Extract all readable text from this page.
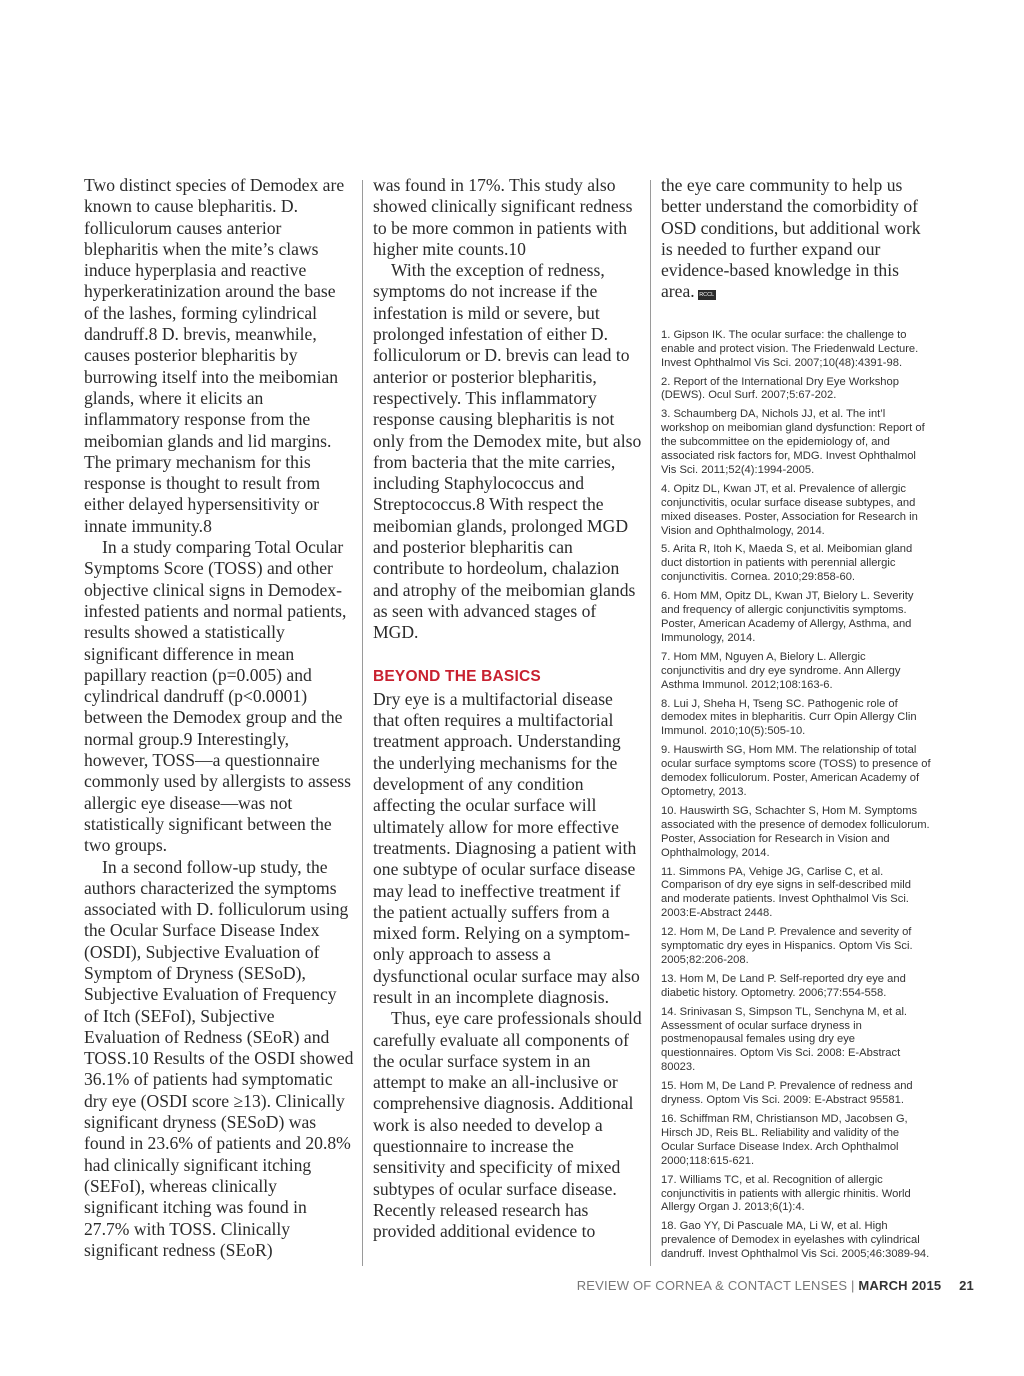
Two distinct species of Demodex are known to cause blepharitis. D. folliculorum causes anterior blepharitis when the mite’s claws induce hyperplasia and reactive hyperkeratinization around the base of the lashes, forming cylindrical dandruff.8 D. brevis, meanwhile, causes posterior blepharitis by burrowing itself into the meibomian glands, where it elicits an inflammatory response from the meibomian glands and lid margins. The primary mechanism for this response is thought to result from either delayed hypersensitivity or innate immunity.8

In a study comparing Total Ocular Symptoms Score (TOSS) and other objective clinical signs in Demodex-infested patients and normal patients, results showed a statistically significant difference in mean papillary reaction (p=0.005) and cylindrical dandruff (p<0.0001) between the Demodex group and the normal group.9 Interestingly, however, TOSS—a questionnaire commonly used by allergists to assess allergic eye disease—was not statistically significant between the two groups.

In a second follow-up study, the authors characterized the symptoms associated with D. folliculorum using the Ocular Surface Disease Index (OSDI), Subjective Evaluation of Symptom of Dryness (SESoD), Subjective Evaluation of Frequency of Itch (SEFoI), Subjective Evaluation of Redness (SEoR) and TOSS.10 Results of the OSDI showed 36.1% of patients had symptomatic dry eye (OSDI score ≥13). Clinically significant dryness (SESoD) was found in 23.6% of patients and 20.8% had clinically significant itching (SEFoI), whereas clinically significant itching was found in 27.7% with TOSS. Clinically significant redness (SEoR)

was found in 17%. This study also showed clinically significant redness to be more common in patients with higher mite counts.10

With the exception of redness, symptoms do not increase if the infestation is mild or severe, but prolonged infestation of either D. folliculorum or D. brevis can lead to anterior or posterior blepharitis, respectively. This inflammatory response causing blepharitis is not only from the Demodex mite, but also from bacteria that the mite carries, including Staphylococcus and Streptococcus.8 With respect the meibomian glands, prolonged MGD and posterior blepharitis can contribute to hordeolum, chalazion and atrophy of the meibomian glands as seen with advanced stages of MGD.

BEYOND THE BASICS

Dry eye is a multifactorial disease that often requires a multifactorial treatment approach. Understanding the underlying mechanisms for the development of any condition affecting the ocular surface will ultimately allow for more effective treatments. Diagnosing a patient with one subtype of ocular surface disease may lead to ineffective treatment if the patient actually suffers from a mixed form. Relying on a symptom-only approach to assess a dysfunctional ocular surface may also result in an incomplete diagnosis.

Thus, eye care professionals should carefully evaluate all components of the ocular surface system in an attempt to make an all-inclusive or comprehensive diagnosis. Additional work is also needed to develop a questionnaire to increase the sensitivity and specificity of mixed subtypes of ocular surface disease. Recently released research has provided additional evidence to

the eye care community to help us better understand the comorbidity of OSD conditions, but additional work is needed to further expand our evidence-based knowledge in this area. RCCL

1. Gipson IK. The ocular surface: the challenge to enable and protect vision. The Friedenwald Lecture. Invest Ophthalmol Vis Sci. 2007;10(48):4391-98.
2. Report of the International Dry Eye Workshop (DEWS). Ocul Surf. 2007;5:67-202.
3. Schaumberg DA, Nichols JJ, et al. The int’l workshop on meibomian gland dysfunction: Report of the subcommittee on the epidemiology of, and associated risk factors for, MDG. Invest Ophthalmol Vis Sci. 2011;52(4):1994-2005.
4. Opitz DL, Kwan JT, et al. Prevalence of allergic conjunctivitis, ocular surface disease subtypes, and mixed diseases. Poster, Association for Research in Vision and Ophthalmology, 2014.
5. Arita R, Itoh K, Maeda S, et al. Meibomian gland duct distortion in patients with perennial allergic conjunctivitis. Cornea. 2010;29:858-60.
6. Hom MM, Opitz DL, Kwan JT, Bielory L. Severity and frequency of allergic conjunctivitis symptoms. Poster, American Academy of Allergy, Asthma, and Immunology, 2014.
7. Hom MM, Nguyen A, Bielory L. Allergic conjunctivitis and dry eye syndrome. Ann Allergy Asthma Immunol. 2012;108:163-6.
8. Lui J, Sheha H, Tseng SC. Pathogenic role of demodex mites in blepharitis. Curr Opin Allergy Clin Immunol. 2010;10(5):505-10.
9. Hauswirth SG, Hom MM. The relationship of total ocular surface symptoms score (TOSS) to presence of demodex folliculorum. Poster, American Academy of Optometry, 2013.
10. Hauswirth SG, Schachter S, Hom M. Symptoms associated with the presence of demodex folliculorum. Poster, Association for Research in Vision and Ophthalmology, 2014.
11. Simmons PA, Vehige JG, Carlise C, et al. Comparison of dry eye signs in self-described mild and moderate patients. Invest Ophthalmol Vis Sci. 2003:E-Abstract 2448.
12. Hom M, De Land P. Prevalence and severity of symptomatic dry eyes in Hispanics. Optom Vis Sci. 2005;82:206-208.
13. Hom M, De Land P. Self-reported dry eye and diabetic history. Optometry. 2006;77:554-558.
14. Srinivasan S, Simpson TL, Senchyna M, et al. Assessment of ocular surface dryness in postmenopausal females using dry eye questionnaires. Optom Vis Sci. 2008: E-Abstract 80023.
15. Hom M, De Land P. Prevalence of redness and dryness. Optom Vis Sci. 2009: E-Abstract 95581.
16. Schiffman RM, Christianson MD, Jacobsen G, Hirsch JD, Reis BL. Reliability and validity of the Ocular Surface Disease Index. Arch Ophthalmol 2000;118:615-621.
17. Williams TC, et al. Recognition of allergic conjunctivitis in patients with allergic rhinitis. World Allergy Organ J. 2013;6(1):4.
18. Gao YY, Di Pascuale MA, Li W, et al. High prevalence of Demodex in eyelashes with cylindrical dandruff. Invest Ophthalmol Vis Sci. 2005;46:3089-94.
REVIEW OF CORNEA & CONTACT LENSES | MARCH 2015 21
